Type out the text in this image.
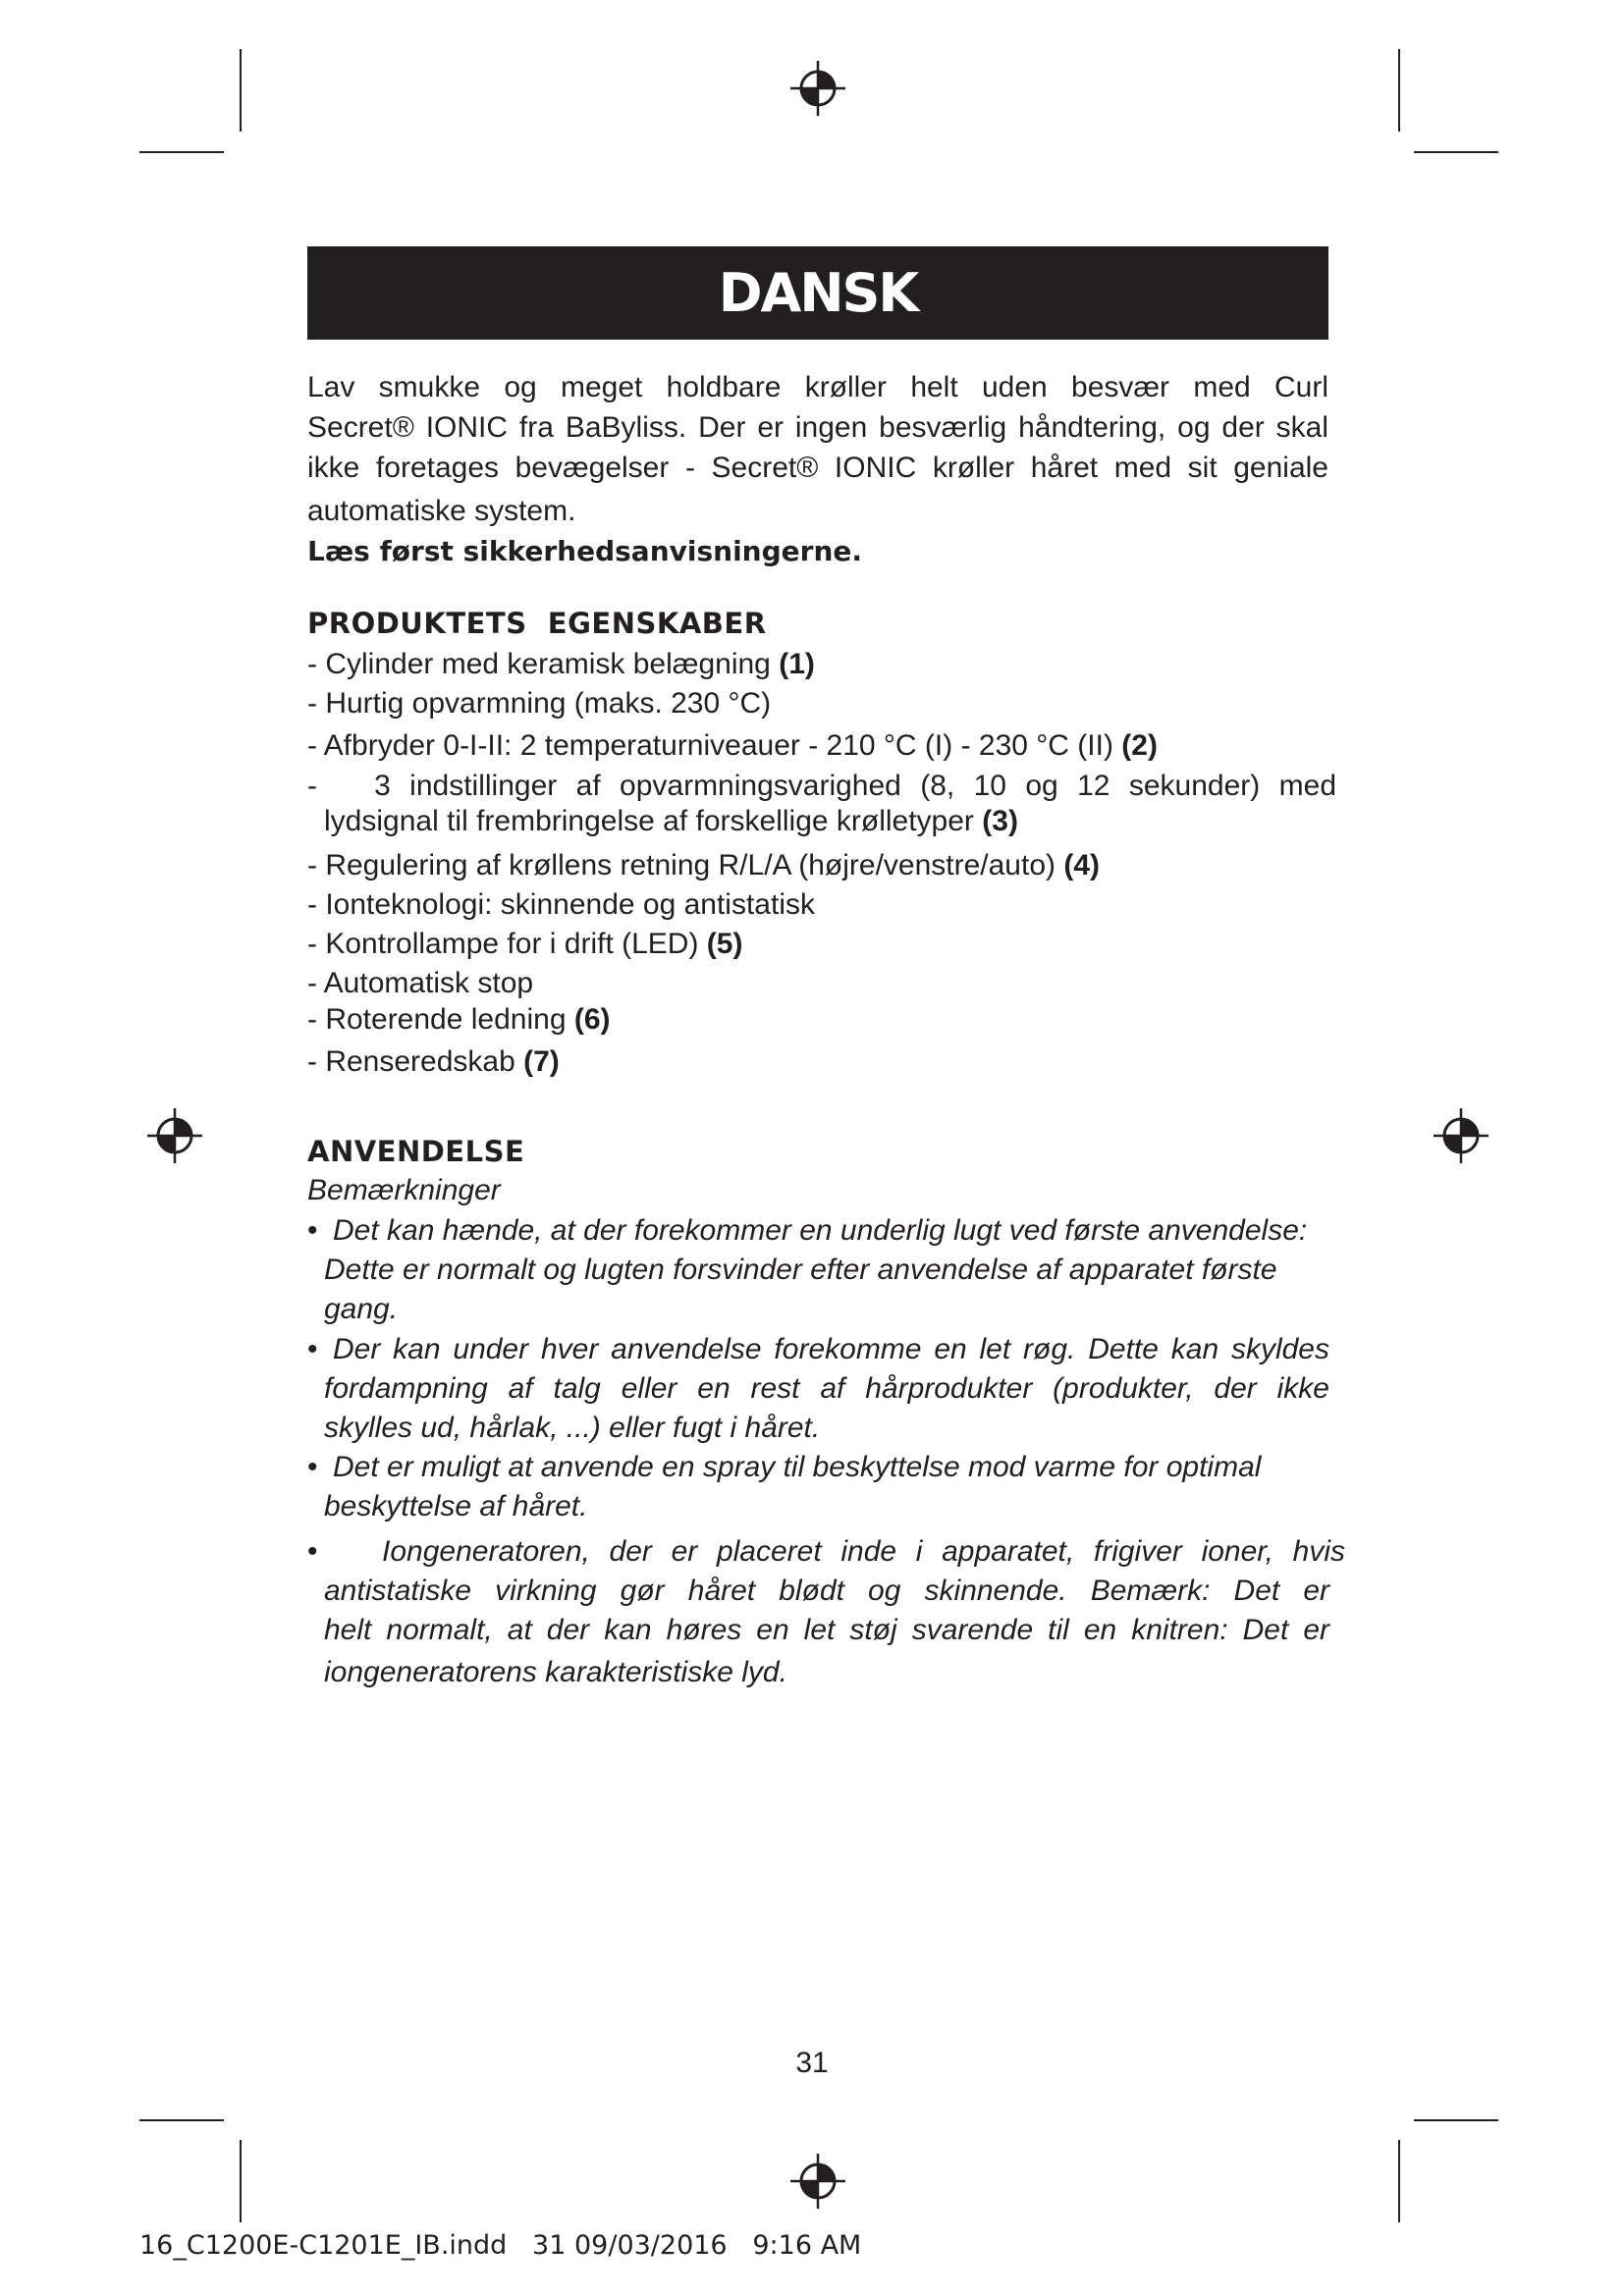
DANSK
Lav smukke og meget holdbare krøller helt uden besvær med Curl
Secret® IONIC fra BaByliss. Der er ingen besværlig håndtering, og der skal
ikke foretages bevægelser - Secret® IONIC krøller håret med sit geniale
automatiske system.
Læs først sikkerhedsanvisningerne.
PRODUKTETS  EGENSKABER
- Cylinder med keramisk belægning (1)
- Hurtig opvarmning (maks. 230 °C)
- Afbryder 0-I-II: 2 temperaturniveauer - 210 °C (I) - 230 °C (II) (2)
-   3 indstillinger af opvarmningsvarighed (8, 10 og 12 sekunder) med
lydsignal til frembringelse af forskellige krølletyper (3)
- Regulering af krøllens retning R/L/A (højre/venstre/auto) (4)
- Ionteknologi: skinnende og antistatisk
- Kontrollampe for i drift (LED) (5)
- Automatisk stop
- Roterende ledning (6)
- Renseredskab (7)
ANVENDELSE
Bemærkninger
• Det kan hænde, at der forekommer en underlig lugt ved første anvendelse:
Dette er normalt og lugten forsvinder efter anvendelse af apparatet første
gang.
• Der kan under hver anvendelse forekomme en let røg. Dette kan skyldes
fordampning af talg eller en rest af hårprodukter (produkter, der ikke
skylles ud, hårlak, ...) eller fugt i håret.
• Det er muligt at anvende en spray til beskyttelse mod varme for optimal
beskyttelse af håret.
• Iongeneratoren, der er placeret inde i apparatet, frigiver ioner, hvis
antistatiske virkning gør håret blødt og skinnende. Bemærk: Det er
helt normalt, at der kan høres en let støj svarende til en knitren: Det er
iongeneratorens karakteristiske lyd.
31
16_C1200E-C1201E_IB.indd   31 09/03/2016   9:16 AM
